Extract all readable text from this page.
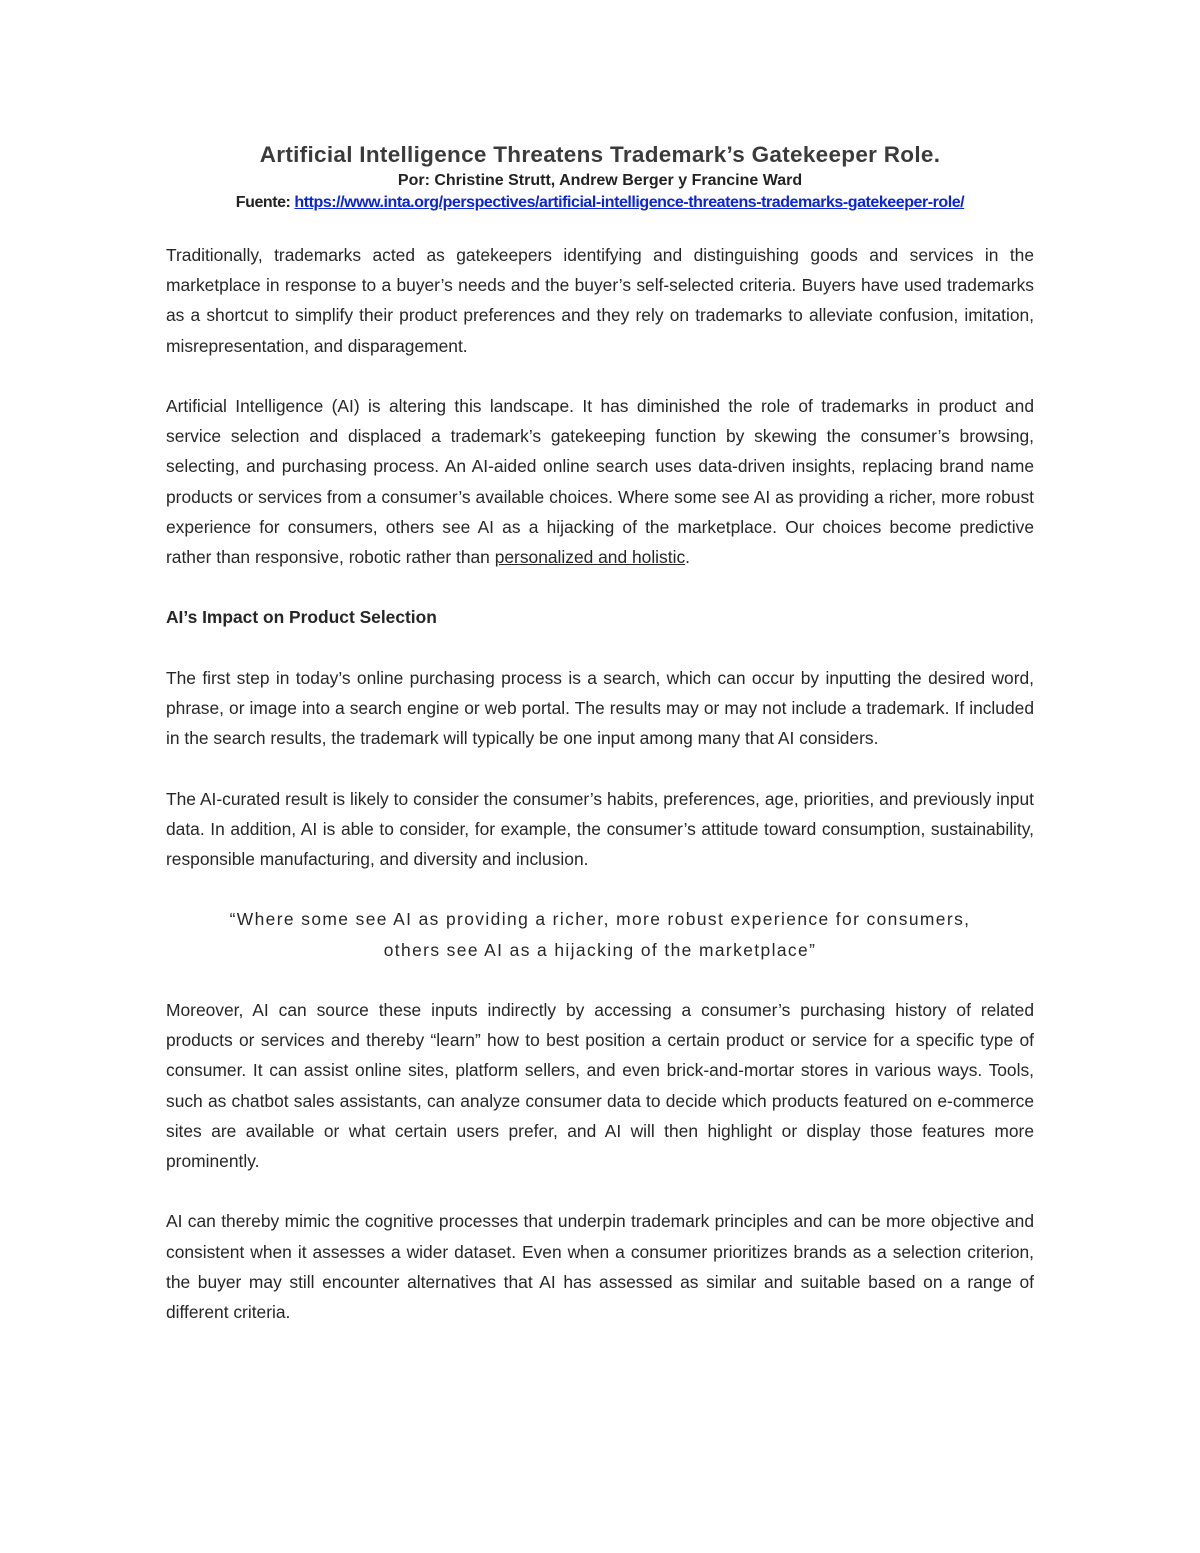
Artificial Intelligence Threatens Trademark’s Gatekeeper Role.

Por: Christine Strutt, Andrew Berger y Francine Ward

Fuente: https://www.inta.org/perspectives/artificial-intelligence-threatens-trademarks-gatekeeper-role/

Traditionally, trademarks acted as gatekeepers identifying and distinguishing goods and services in the marketplace in response to a buyer’s needs and the buyer’s self-selected criteria. Buyers have used trademarks as a shortcut to simplify their product preferences and they rely on trademarks to alleviate confusion, imitation, misrepresentation, and disparagement.

Artificial Intelligence (AI) is altering this landscape. It has diminished the role of trademarks in product and service selection and displaced a trademark’s gatekeeping function by skewing the consumer’s browsing, selecting, and purchasing process. An AI-aided online search uses data-driven insights, replacing brand name products or services from a consumer’s available choices. Where some see AI as providing a richer, more robust experience for consumers, others see AI as a hijacking of the marketplace. Our choices become predictive rather than responsive, robotic rather than personalized and holistic.

AI’s Impact on Product Selection

The first step in today’s online purchasing process is a search, which can occur by inputting the desired word, phrase, or image into a search engine or web portal. The results may or may not include a trademark. If included in the search results, the trademark will typically be one input among many that AI considers.

The AI-curated result is likely to consider the consumer’s habits, preferences, age, priorities, and previously input data. In addition, AI is able to consider, for example, the consumer’s attitude toward consumption, sustainability, responsible manufacturing, and diversity and inclusion.

“Where some see AI as providing a richer, more robust experience for consumers,

others see AI as a hijacking of the marketplace”

Moreover, AI can source these inputs indirectly by accessing a consumer’s purchasing history of related products or services and thereby “learn” how to best position a certain product or service for a specific type of consumer. It can assist online sites, platform sellers, and even brick-and-mortar stores in various ways. Tools, such as chatbot sales assistants, can analyze consumer data to decide which products featured on e-commerce sites are available or what certain users prefer, and AI will then highlight or display those features more prominently.

AI can thereby mimic the cognitive processes that underpin trademark principles and can be more objective and consistent when it assesses a wider dataset. Even when a consumer prioritizes brands as a selection criterion, the buyer may still encounter alternatives that AI has assessed as similar and suitable based on a range of different criteria.
